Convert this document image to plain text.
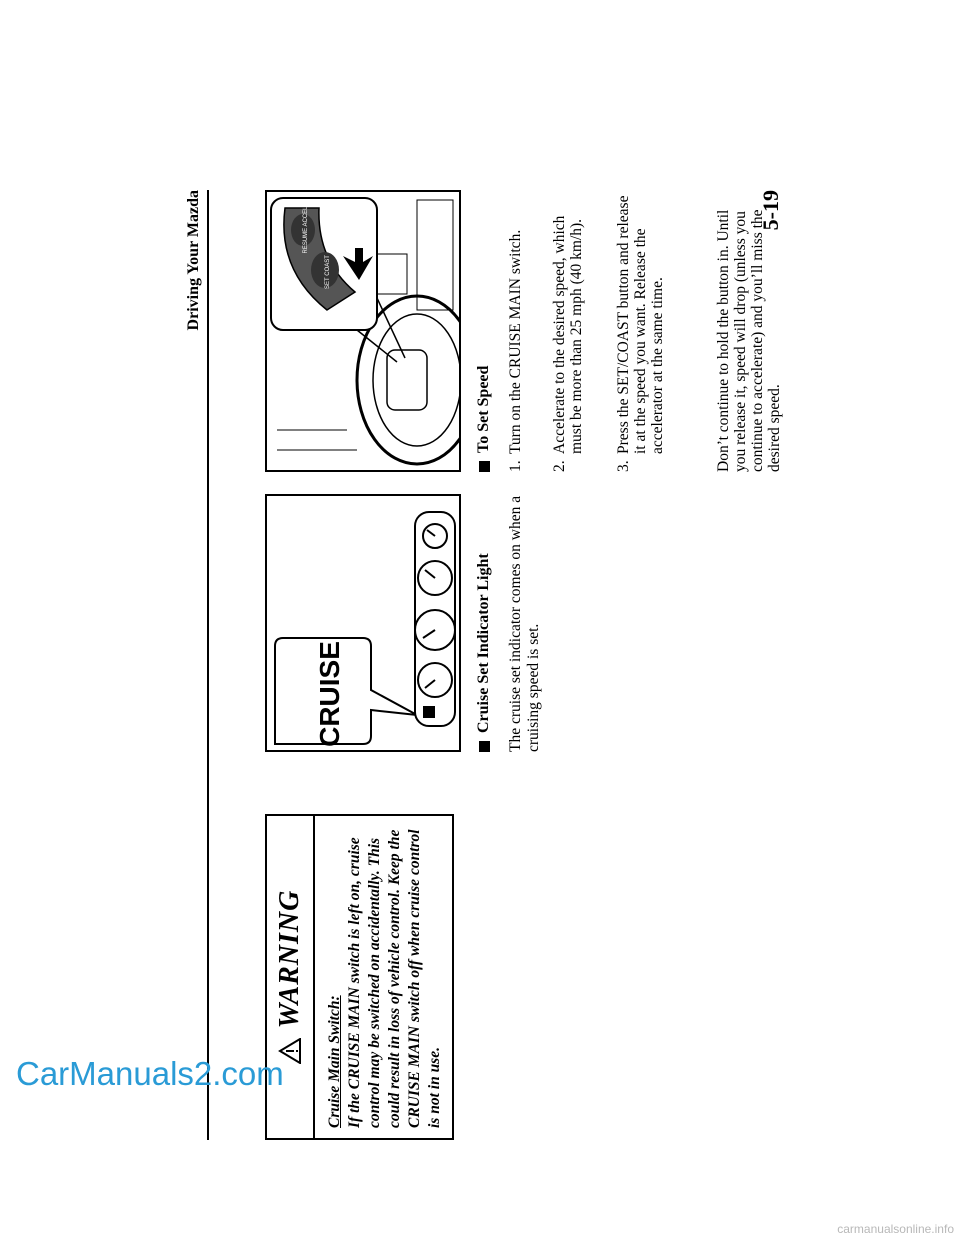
Driving Your Mazda
WARNING
Cruise Main Switch: If the CRUISE MAIN switch is left on, cruise control may be switched on accidentally. This could result in loss of vehicle control. Keep the CRUISE MAIN switch off when cruise control is not in use.
CRUISE
SET COAST
RESUME ACCEL
Cruise Set Indicator Light The cruise set indicator comes on when a cruising speed is set.
To Set Speed
1.
Turn on the CRUISE MAIN switch.
2.
Accelerate to the desired speed, which must be more than 25 mph (40 km/h).
3.
Press the SET/COAST button and release it at the speed you want. Release the accelerator at the same time.	Don’t continue to hold the button in. Until you release it, speed will drop (unless you continue to accelerate) and you’ll miss the desired speed.
5-19
CarManuals2.com
carmanualsonline.info
